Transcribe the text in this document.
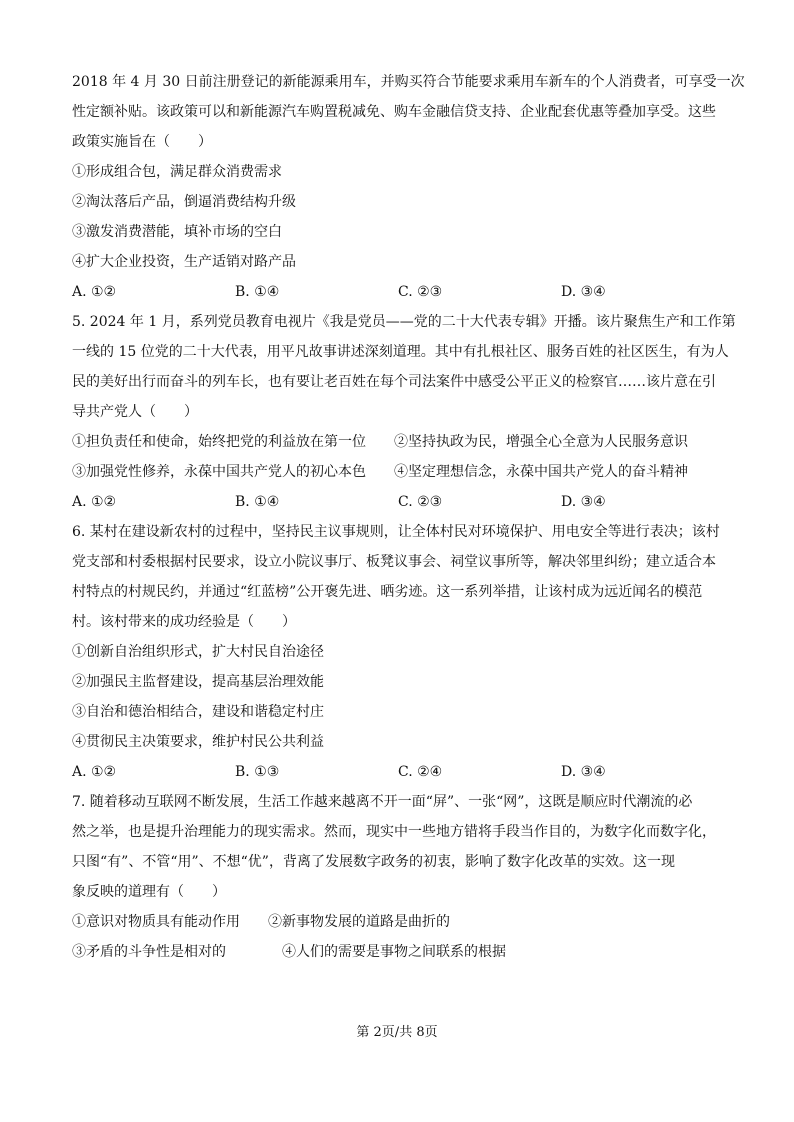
2018 年 4 月 30 日前注册登记的新能源乘用车，并购买符合节能要求乘用车新车的个人消费者，可享受一次

性定额补贴。该政策可以和新能源汽车购置税减免、购车金融信贷支持、企业配套优惠等叠加享受。这些

政策实施旨在（　　）

①形成组合包，满足群众消费需求
②淘汰落后产品，倒逼消费结构升级
③激发消费潜能，填补市场的空白
④扩大企业投资，生产适销对路产品
A. ①②	B. ①④	C. ②③	D. ③④

5. 2024 年 1 月，系列党员教育电视片《我是党员——党的二十大代表专辑》开播。该片聚焦生产和工作第

一线的 15 位党的二十大代表，用平凡故事讲述深刻道理。其中有扎根社区、服务百姓的社区医生，有为人

民的美好出行而奋斗的列车长，也有要让老百姓在每个司法案件中感受公平正义的检察官……该片意在引

导共产党人（　　）

①担负责任和使命，始终把党的利益放在第一位	②坚持执政为民，增强全心全意为人民服务意识
③加强党性修养，永葆中国共产党人的初心本色	④坚定理想信念，永葆中国共产党人的奋斗精神
A. ①②	B. ①④	C. ②③	D. ③④

6. 某村在建设新农村的过程中，坚持民主议事规则，让全体村民对环境保护、用电安全等进行表决；该村

党支部和村委根据村民要求，设立小院议事厅、板凳议事会、祠堂议事所等，解决邻里纠纷；建立适合本

村特点的村规民约，并通过“红蓝榜”公开褒先进、晒劣迹。这一系列举措，让该村成为远近闻名的模范

村。该村带来的成功经验是（　　）

①创新自治组织形式，扩大村民自治途径
②加强民主监督建设，提高基层治理效能
③自治和德治相结合，建设和谐稳定村庄
④贯彻民主决策要求，维护村民公共利益
A. ①②	B. ①③	C. ②④	D. ③④

7. 随着移动互联网不断发展，生活工作越来越离不开一面“屏”、一张“网”，这既是顺应时代潮流的必

然之举，也是提升治理能力的现实需求。然而，现实中一些地方错将手段当作目的，为数字化而数字化，

只图“有”、不管“用”、不想“优”，背离了发展数字政务的初衷，影响了数字化改革的实效。这一现

象反映的道理有（　　）

①意识对物质具有能动作用	②新事物发展的道路是曲折的
③矛盾的斗争性是相对的	④人们的需要是事物之间联系的根据
第 2页/共 8页
